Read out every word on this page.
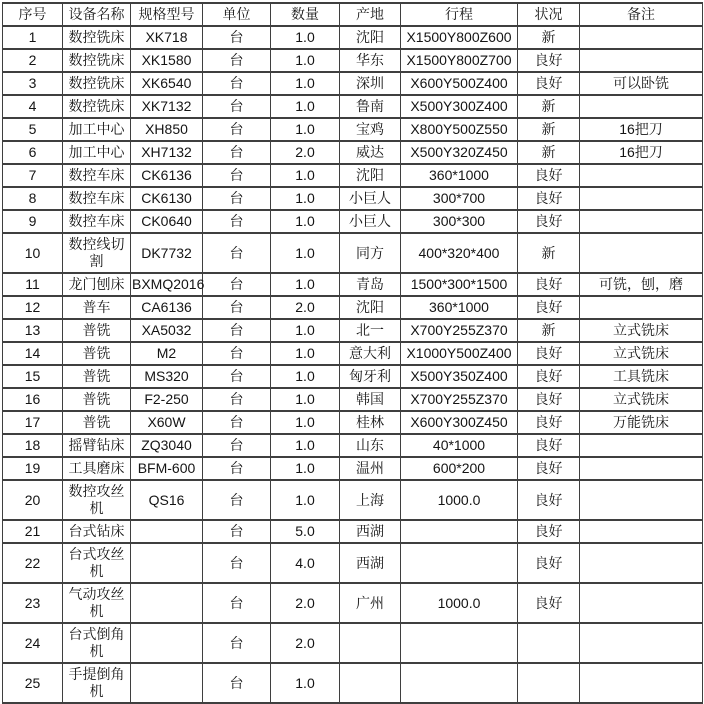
序号	设备名称	规格型号	单位	数量	产地	行程	状况	备注
1	数控铣床	XK718	台	1.0	沈阳	X1500Y800Z600	新	
2	数控铣床	XK1580	台	1.0	华东	X1500Y800Z700	良好	
3	数控铣床	XK6540	台	1.0	深圳	X600Y500Z400	良好	可以卧铣
4	数控铣床	XK7132	台	1.0	鲁南	X500Y300Z400	新	
5	加工中心	XH850	台	1.0	宝鸡	X800Y500Z550	新	16把刀
6	加工中心	XH7132	台	2.0	威达	X500Y320Z450	新	16把刀
7	数控车床	CK6136	台	1.0	沈阳	360*1000	良好	
8	数控车床	CK6130	台	1.0	小巨人	300*700	良好	
9	数控车床	CK0640	台	1.0	小巨人	300*300	良好	
10	数控线切割	DK7732	台	1.0	同方	400*320*400	新	
11	龙门刨床	BXMQ2016	台	1.0	青岛	1500*300*1500	良好	可铣，刨，磨
12	普车	CA6136	台	2.0	沈阳	360*1000	良好	
13	普铣	XA5032	台	1.0	北一	X700Y255Z370	新	立式铣床
14	普铣	M2	台	1.0	意大利	X1000Y500Z400	良好	立式铣床
15	普铣	MS320	台	1.0	匈牙利	X500Y350Z400	良好	工具铣床
16	普铣	F2-250	台	1.0	韩国	X700Y255Z370	良好	立式铣床
17	普铣	X60W	台	1.0	桂林	X600Y300Z450	良好	万能铣床
18	摇臂钻床	ZQ3040	台	1.0	山东	40*1000	良好	
19	工具磨床	BFM-600	台	1.0	温州	600*200	良好	
20	数控攻丝机	QS16	台	1.0	上海	1000.0	良好	
21	台式钻床		台	5.0	西湖		良好	
22	台式攻丝机		台	4.0	西湖		良好	
23	气动攻丝机		台	2.0	广州	1000.0	良好	
24	台式倒角机		台	2.0				
25	手提倒角机		台	1.0				
